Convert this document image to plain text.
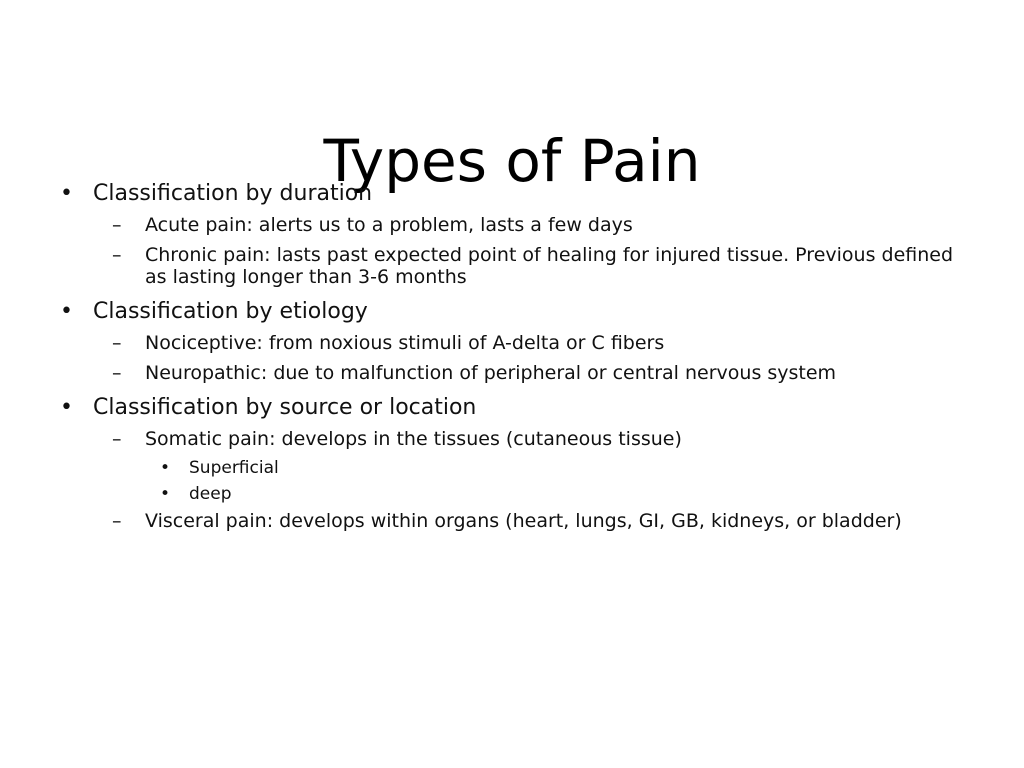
Types of Pain
• Classification by duration
– Acute pain: alerts us to a problem, lasts a few days
– Chronic pain: lasts past expected point of healing for injured tissue. Previous defined as lasting longer than 3-6 months
• Classification by etiology
– Nociceptive: from noxious stimuli of A-delta or C fibers
– Neuropathic: due to malfunction of peripheral or central nervous system
• Classification by source or location
– Somatic pain: develops in the tissues (cutaneous tissue)
• Superficial
• deep
– Visceral pain: develops within organs (heart, lungs, GI, GB, kidneys, or bladder)
